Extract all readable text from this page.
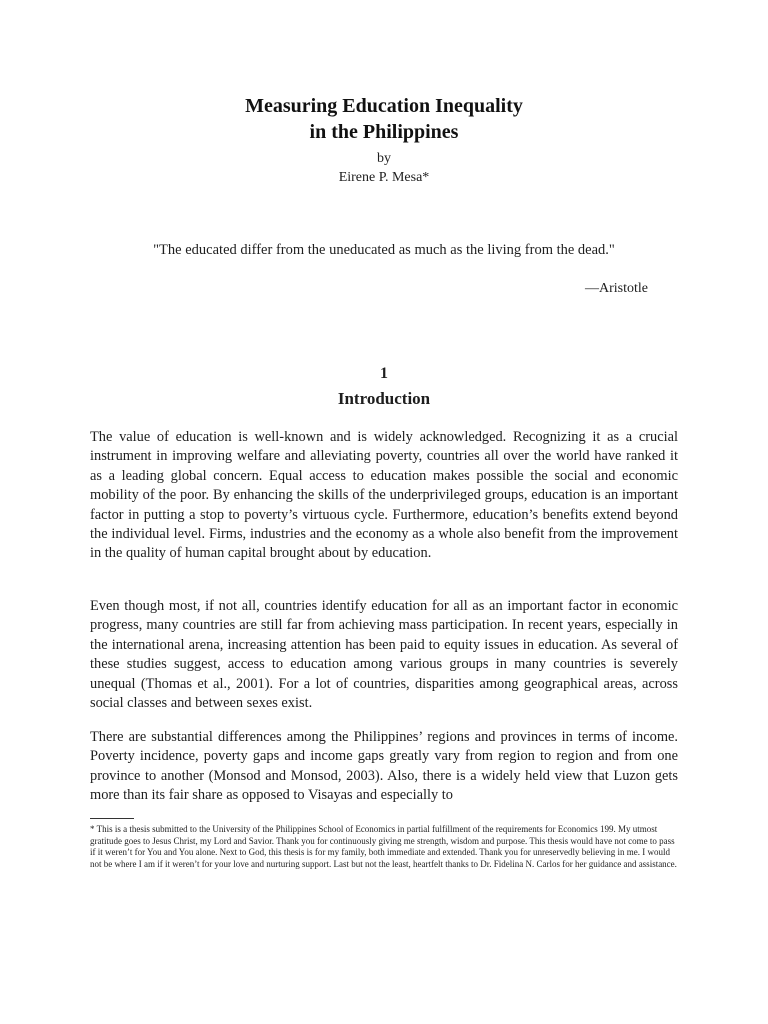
Measuring Education Inequality
in the Philippines
by
Eirene P. Mesa*
"The educated differ from the uneducated as much as the living from the dead."
—Aristotle
1
Introduction

The value of education is well-known and is widely acknowledged. Recognizing it as a crucial instrument in improving welfare and alleviating poverty, countries all over the world have ranked it as a leading global concern. Equal access to education makes possible the social and economic mobility of the poor. By enhancing the skills of the underprivileged groups, education is an important factor in putting a stop to poverty’s virtuous cycle. Furthermore, education’s benefits extend beyond the individual level. Firms, industries and the economy as a whole also benefit from the improvement in the quality of human capital brought about by education.

Even though most, if not all, countries identify education for all as an important factor in economic progress, many countries are still far from achieving mass participation. In recent years, especially in the international arena, increasing attention has been paid to equity issues in education. As several of these studies suggest, access to education among various groups in many countries is severely unequal (Thomas et al., 2001). For a lot of countries, disparities among geographical areas, across social classes and between sexes exist.

There are substantial differences among the Philippines’ regions and provinces in terms of income. Poverty incidence, poverty gaps and income gaps greatly vary from region to region and from one province to another (Monsod and Monsod, 2003). Also, there is a widely held view that Luzon gets more than its fair share as opposed to Visayas and especially to

* This is a thesis submitted to the University of the Philippines School of Economics in partial fulfillment of the requirements for Economics 199. My utmost gratitude goes to Jesus Christ, my Lord and Savior. Thank you for continuously giving me strength, wisdom and purpose. This thesis would have not come to pass if it weren’t for You and You alone. Next to God, this thesis is for my family, both immediate and extended. Thank you for unreservedly believing in me. I would not be where I am if it weren’t for your love and nurturing support. Last but not the least, heartfelt thanks to Dr. Fidelina N. Carlos for her guidance and assistance.
